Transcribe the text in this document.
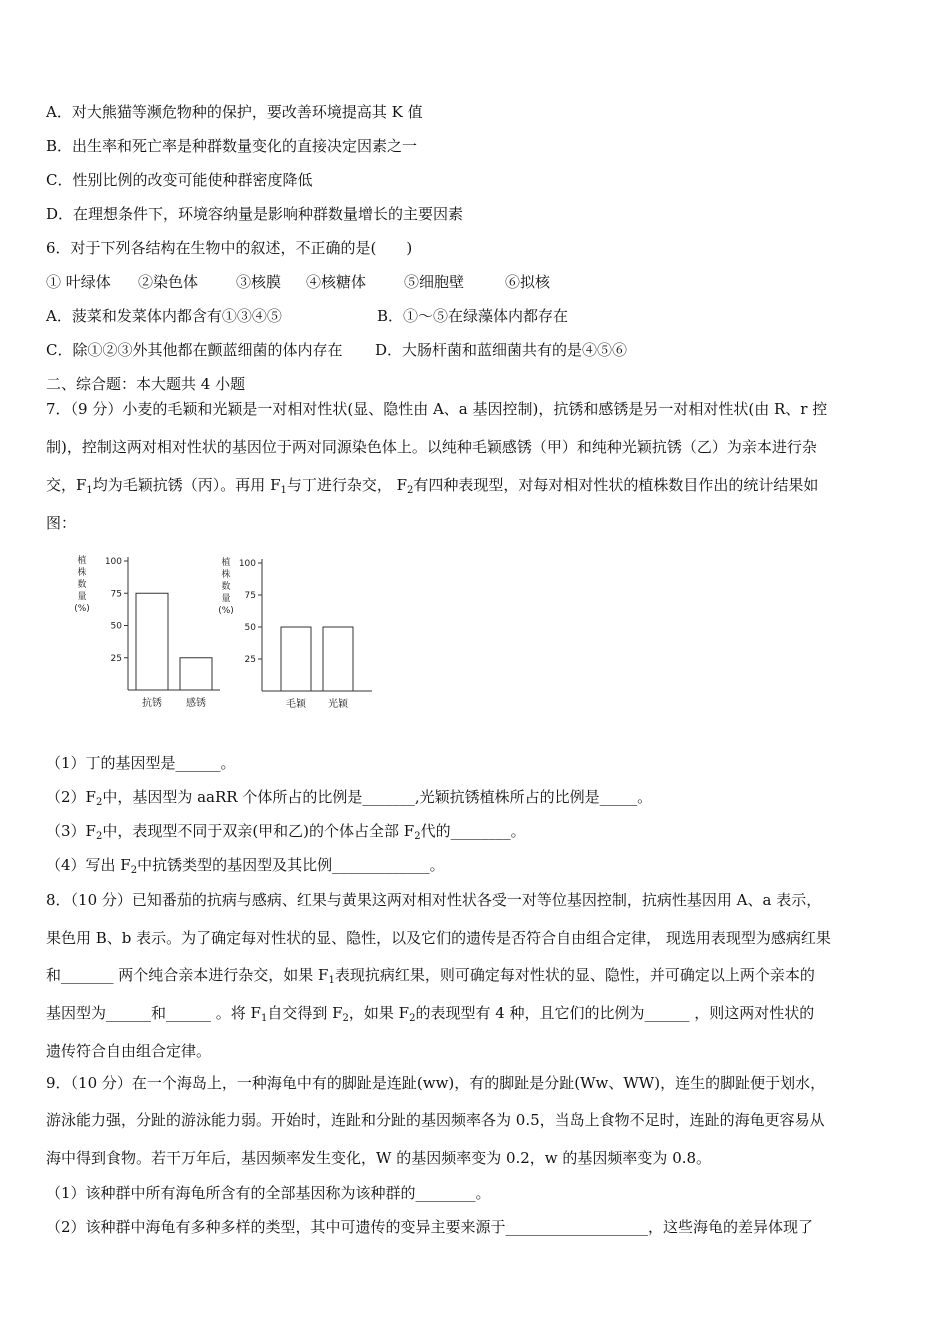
A．对大熊猫等濒危物种的保护，要改善环境提高其 K 值
B．出生率和死亡率是种群数量变化的直接决定因素之一
C．性别比例的改变可能使种群密度降低
D．在理想条件下，环境容纳量是影响种群数量增长的主要因素
6．对于下列各结构在生物中的叙述，不正确的是(　　)
① 叶绿体 ②染色体	③核膜 ④核糖体	⑤细胞壁	⑥拟核
A．菠菜和发菜体内都含有①③④⑤	B．①～⑤在绿藻体内都存在
C．除①②③外其他都在颤蓝细菌的体内存在 D．大肠杆菌和蓝细菌共有的是④⑤⑥
二、综合题：本大题共 4 小题
7．（9 分）小麦的毛颖和光颖是一对相对性状(显、隐性由 A、a 基因控制)，抗锈和感锈是另一对相对性状(由 R、r 控
制)，控制这两对相对性状的基因位于两对同源染色体上。以纯种毛颖感锈（甲）和纯种光颖抗锈（乙）为亲本进行杂
交，$F_1$均为毛颖抗锈（丙）。再用 $F_1$与丁进行杂交， $F_2$有四种表现型，对每对相对性状的植株数目作出的统计结果如
图：
25
50
75
100
植
株
数
量
(%)
抗锈 感锈
25
50
75
100
植
株
数
量
(%)
毛颖 光颖
（1）丁的基因型是______。
$(2)F_2$中，基因型为 aaRR 个体所占的比例是_______,光颖抗锈植株所占的比例是_____。
$(3)F_2$中，表现型不同于双亲(甲和乙)的个体占全部 $F_2$代的________。
（4）写出 $F_2$中抗锈类型的基因型及其比例_____________。
8．（10 分）已知番茄的抗病与感病、红果与黄果这两对相对性状各受一对等位基因控制，抗病性基因用 A、a 表示，
果色用 B、b 表示。为了确定每对性状的显、隐性，以及它们的遗传是否符合自由组合定律， 现选用表现型为感病红果
和_______ 两个纯合亲本进行杂交，如果 $F_1$表现抗病红果，则可确定每对性状的显、隐性，并可确定以上两个亲本的
基因型为______和______ 。将 $F_1$自交得到 $F_2$，如果 $F_2$的表现型有 4 种，且它们的比例为______ ，则这两对性状的
遗传符合自由组合定律。
9．（10 分）在一个海岛上，一种海龟中有的脚趾是连趾(ww)，有的脚趾是分趾(Ww、WW)，连生的脚趾便于划水，
游泳能力强，分趾的游泳能力弱。开始时，连趾和分趾的基因频率各为 0.5，当岛上食物不足时，连趾的海龟更容易从
海中得到食物。若干万年后，基因频率发生变化，W 的基因频率变为 0.2，w 的基因频率变为 0.8。
（1）该种群中所有海龟所含有的全部基因称为该种群的________。
（2）该种群中海龟有多种多样的类型，其中可遗传的变异主要来源于___________________，这些海龟的差异体现了
